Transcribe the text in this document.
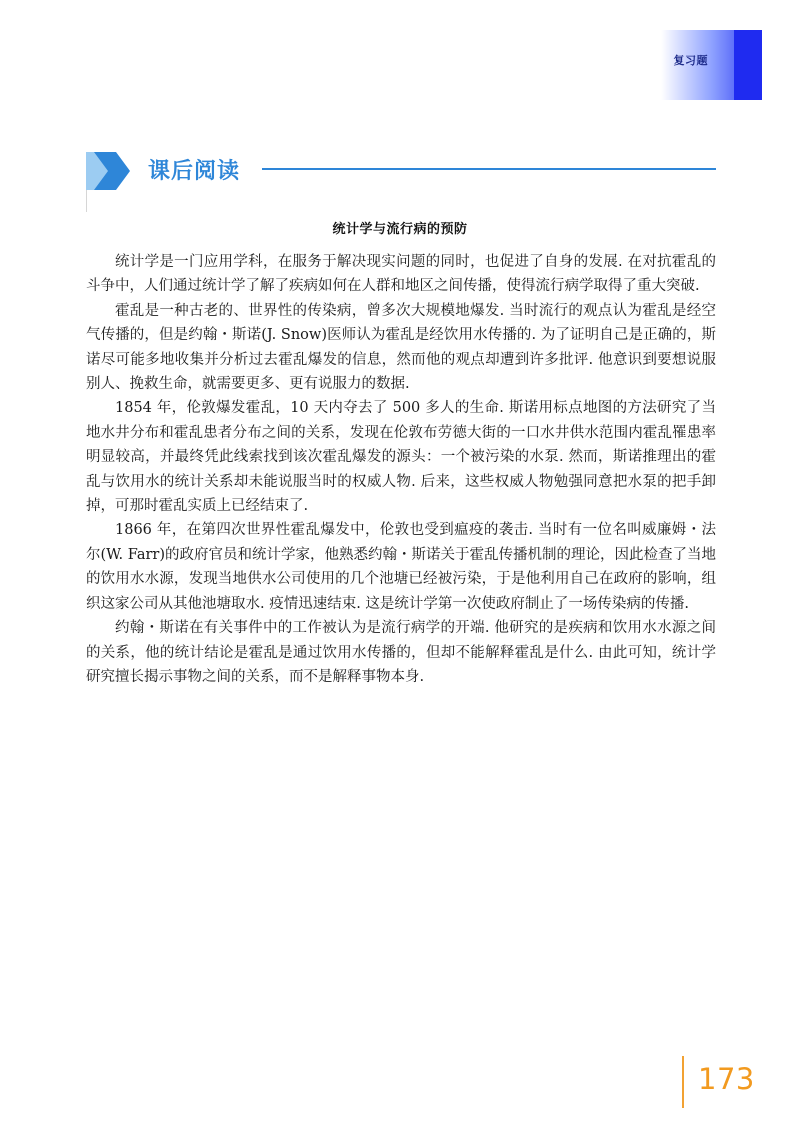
复习题
课后阅读
统计学与流行病的预防

统计学是一门应用学科，在服务于解决现实问题的同时，也促进了自身的发展. 在对抗霍乱的斗争中，人们通过统计学了解了疾病如何在人群和地区之间传播，使得流行病学取得了重大突破.

霍乱是一种古老的、世界性的传染病，曾多次大规模地爆发. 当时流行的观点认为霍乱是经空气传播的，但是约翰・斯诺(J. Snow)医师认为霍乱是经饮用水传播的. 为了证明自己是正确的，斯诺尽可能多地收集并分析过去霍乱爆发的信息，然而他的观点却遭到许多批评. 他意识到要想说服别人、挽救生命，就需要更多、更有说服力的数据.

1854 年，伦敦爆发霍乱，10 天内夺去了 500 多人的生命. 斯诺用标点地图的方法研究了当地水井分布和霍乱患者分布之间的关系，发现在伦敦布劳德大街的一口水井供水范围内霍乱罹患率明显较高，并最终凭此线索找到该次霍乱爆发的源头：一个被污染的水泵. 然而，斯诺推理出的霍乱与饮用水的统计关系却未能说服当时的权威人物. 后来，这些权威人物勉强同意把水泵的把手卸掉，可那时霍乱实质上已经结束了.

1866 年，在第四次世界性霍乱爆发中，伦敦也受到瘟疫的袭击. 当时有一位名叫威廉姆・法尔(W. Farr)的政府官员和统计学家，他熟悉约翰・斯诺关于霍乱传播机制的理论，因此检查了当地的饮用水水源，发现当地供水公司使用的几个池塘已经被污染，于是他利用自己在政府的影响，组织这家公司从其他池塘取水. 疫情迅速结束. 这是统计学第一次使政府制止了一场传染病的传播.

约翰・斯诺在有关事件中的工作被认为是流行病学的开端. 他研究的是疾病和饮用水水源之间的关系，他的统计结论是霍乱是通过饮用水传播的，但却不能解释霍乱是什么. 由此可知，统计学研究擅长揭示事物之间的关系，而不是解释事物本身.

173
